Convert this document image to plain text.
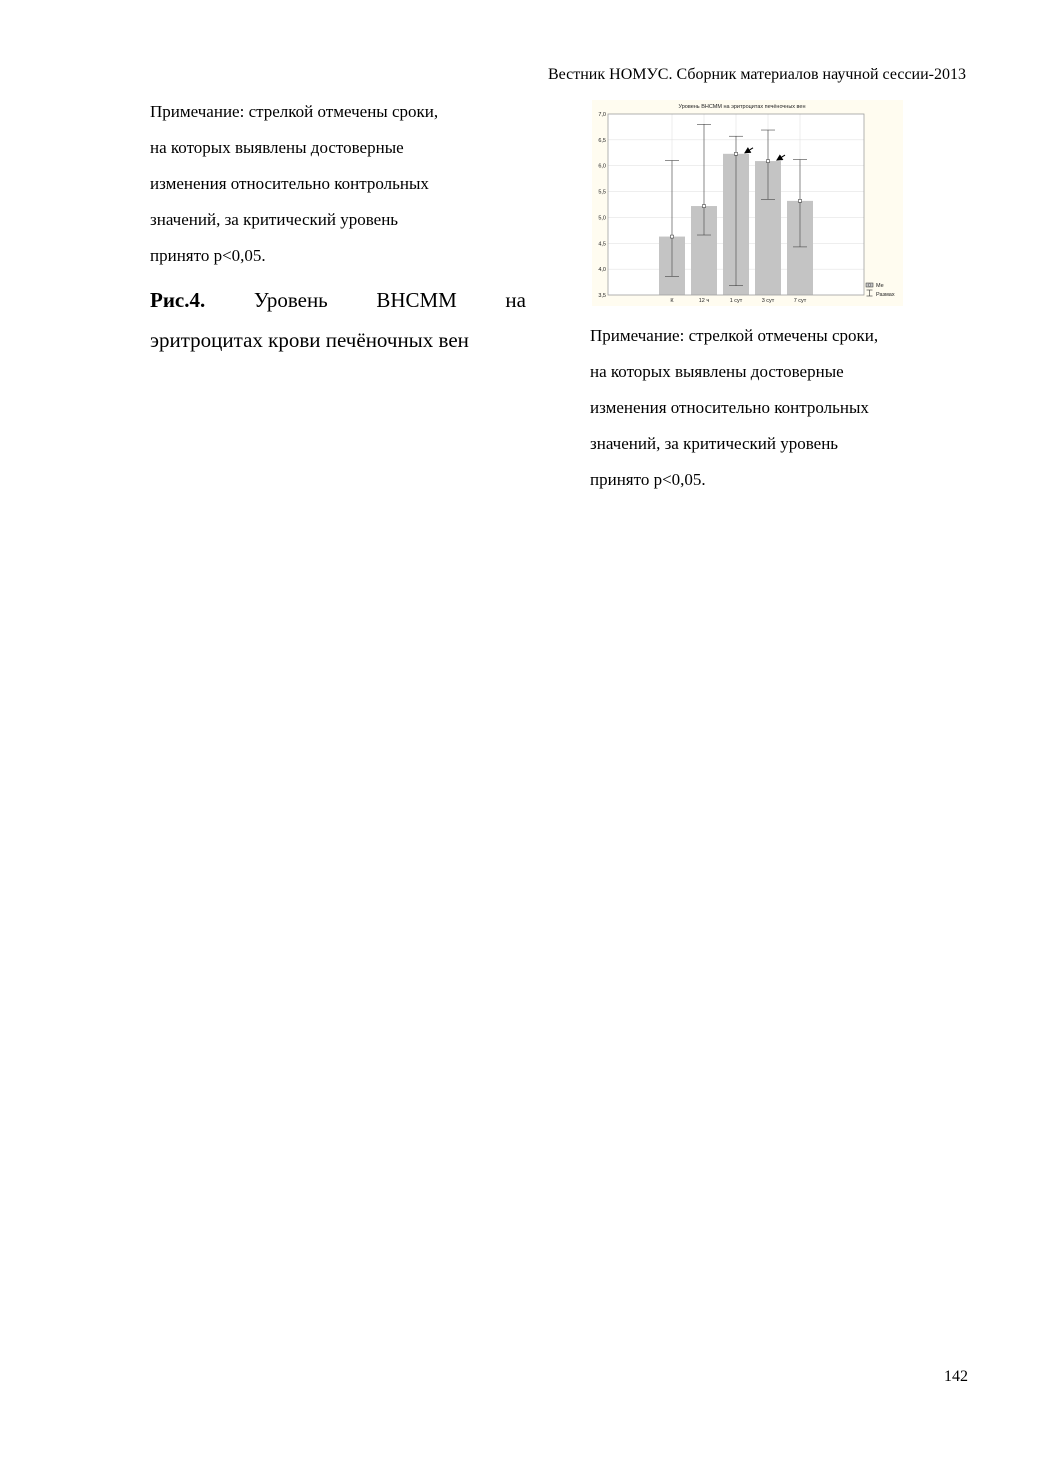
Вестник НОМУС. Сборник материалов научной сессии-2013
Примечание: стрелкой отмечены сроки,
на которых выявлены достоверные
изменения относительно контрольных
значений, за критический уровень
принято р<0,05.
Рис.4. Уровень ВНСММ на
эритроцитах крови печёночных вен
Уровень ВНСММ на эритроцитах печёночных вен
3,5
4,0
4,5
5,0
5,5
6,0
6,5
7,0
К	12 ч	1 сут	3 сут	7 сут
Ме
Размах
Примечание: стрелкой отмечены сроки,
на которых выявлены достоверные
изменения относительно контрольных
значений, за критический уровень
принято р<0,05.
142
